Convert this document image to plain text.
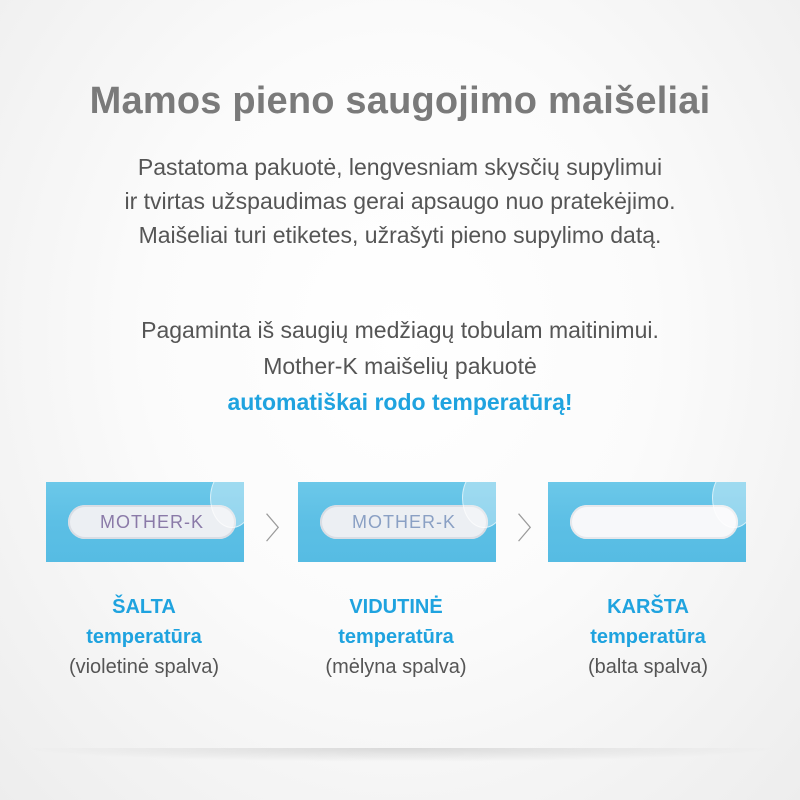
Mamos pieno saugojimo maišeliai
Pastatoma pakuotė, lengvesniam skysčių supylimui
ir tvirtas užspaudimas gerai apsaugo nuo pratekėjimo.
Maišeliai turi etiketes, užrašyti pieno supylimo datą.
Pagaminta iš saugių medžiagų tobulam maitinimui.
Mother-K maišelių pakuotė
automatiškai rodo temperatūrą!
MOTHER-K 〉	MOTHER-K 〉
ŠALTA
temperatūra
(violetinė spalva)
VIDUTINĖ
temperatūra
(mėlyna spalva)
KARŠTA
temperatūra
(balta spalva)
